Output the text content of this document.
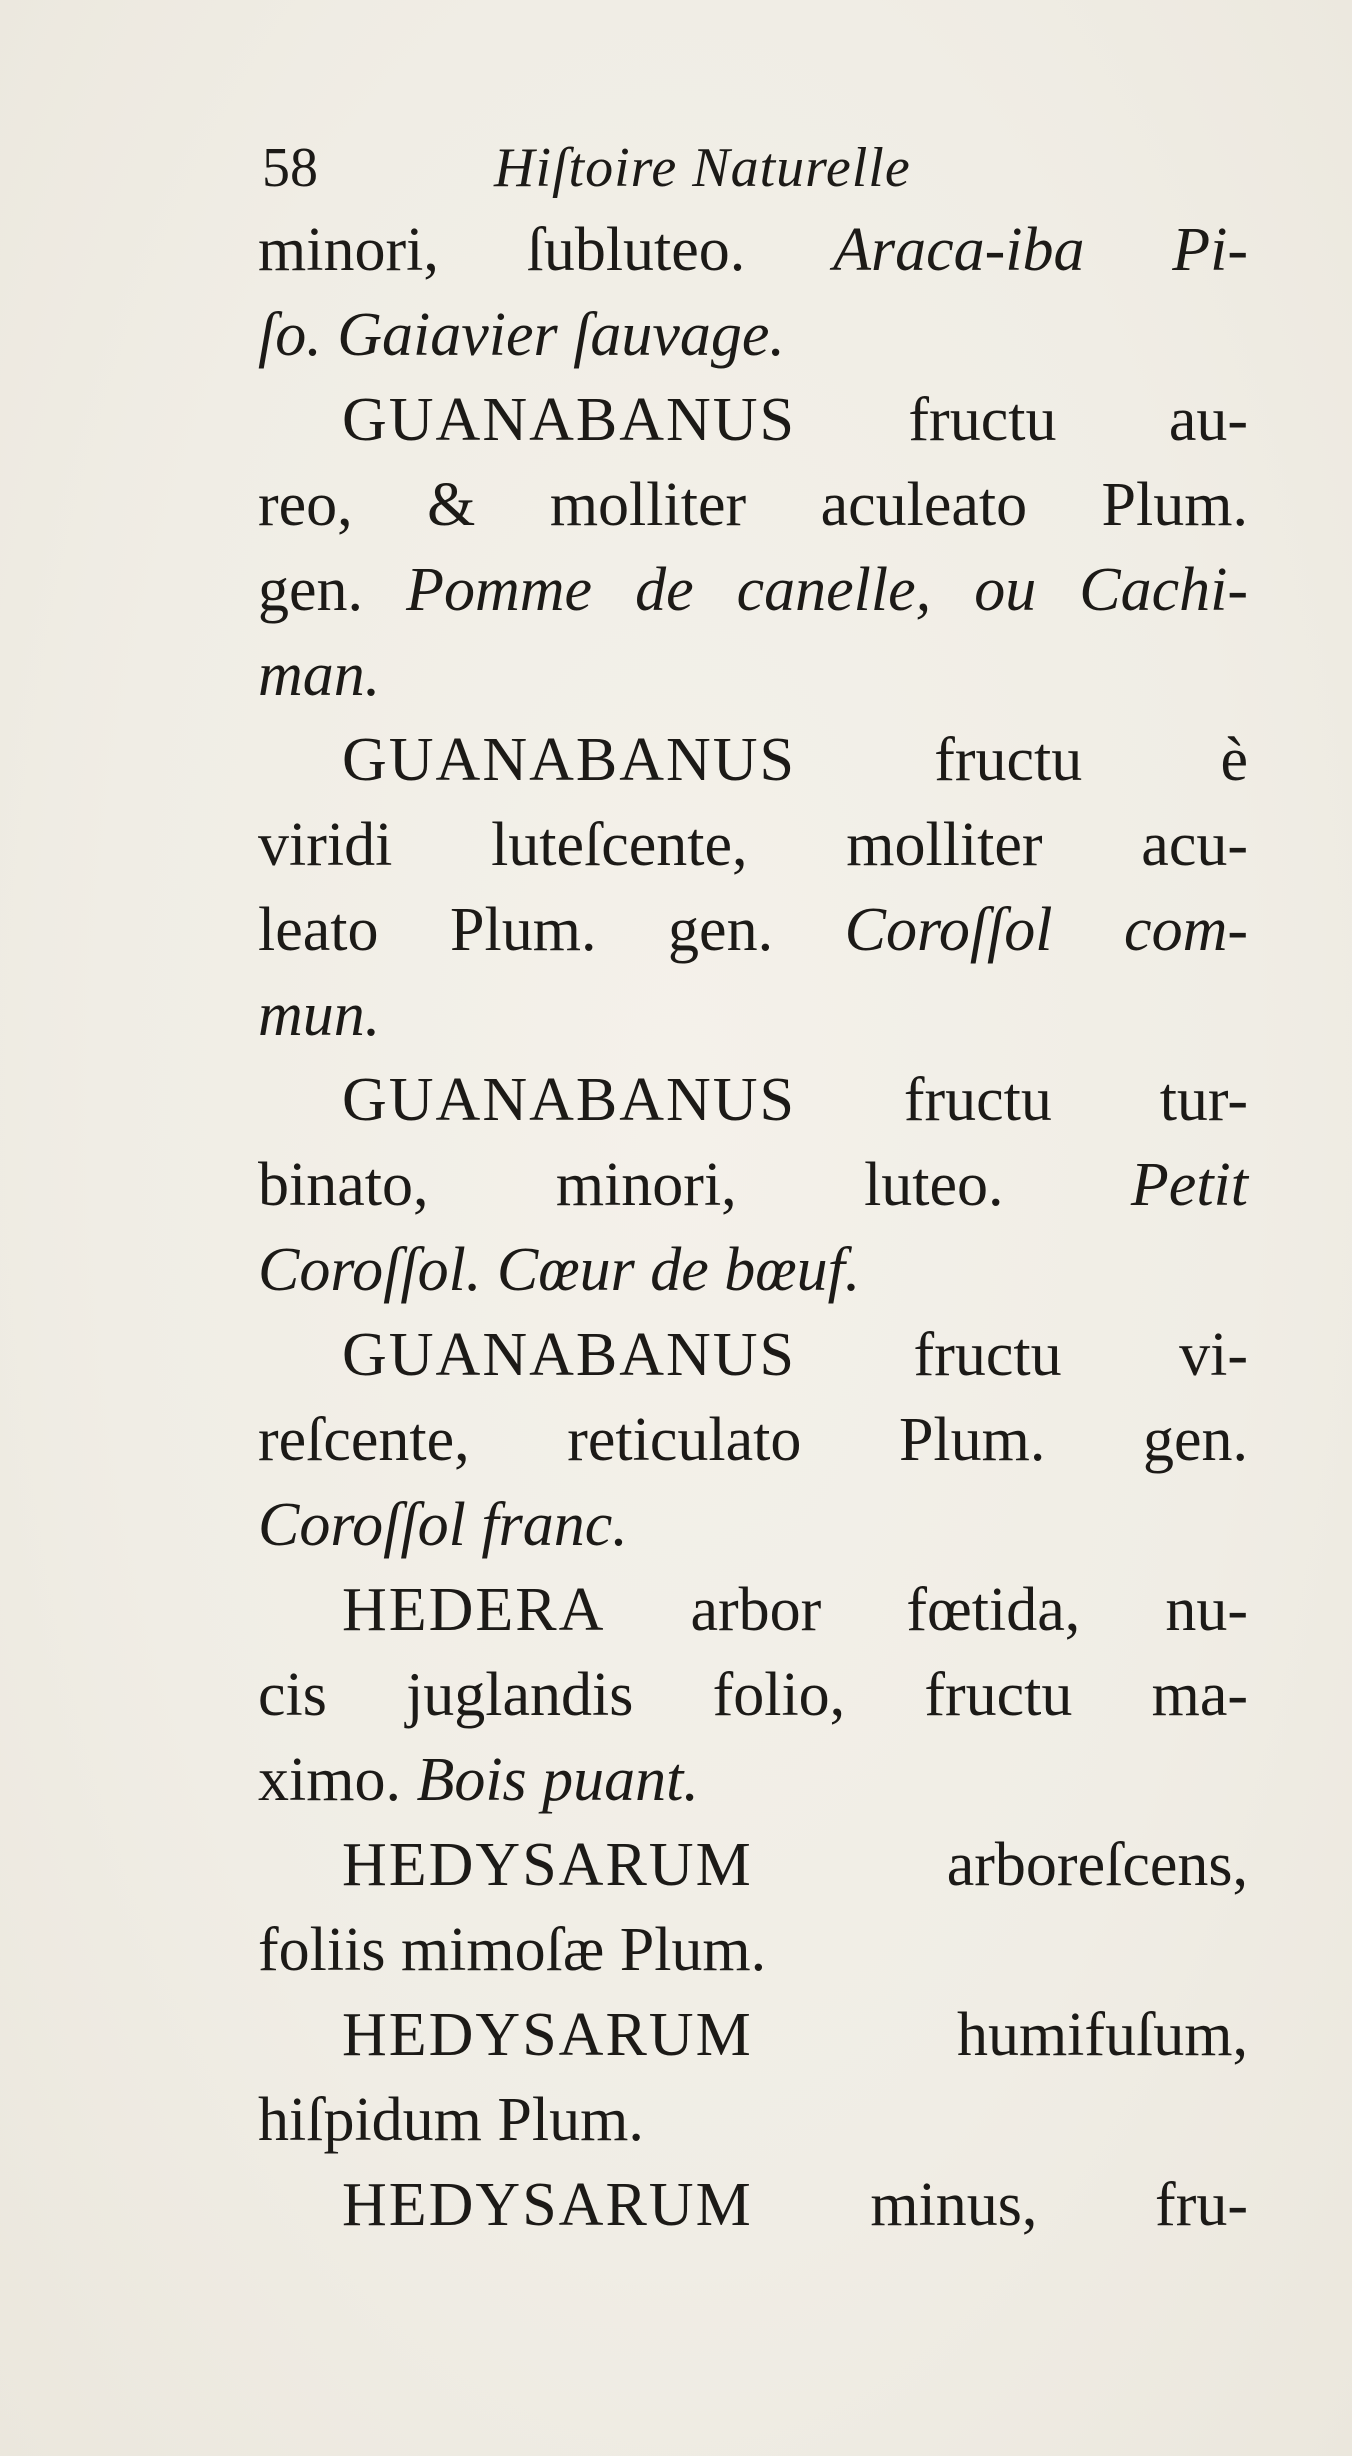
58	Hiſtoire Naturelle
minori, ſubluteo. Araca-iba Pi-
ſo. Gaiavier ſauvage.
GUANABANUS fructu au-
reo, & molliter aculeato Plum.
gen. Pomme de canelle, ou Cachi-
man.
GUANABANUS fructu è
viridi luteſcente, molliter acu-
leato Plum. gen. Coroſſol com-
mun.
GUANABANUS fructu tur-
binato, minori, luteo. Petit
Coroſſol. Cœur de bœuf.
GUANABANUS fructu vi-
reſcente, reticulato Plum. gen.
Coroſſol franc.
HEDERA arbor fœtida, nu-
cis juglandis folio, fructu ma-
ximo. Bois puant.
HEDYSARUM arboreſcens,
foliis mimoſæ Plum.
HEDYSARUM humifuſum,
hiſpidum Plum.
HEDYSARUM minus, fru-
